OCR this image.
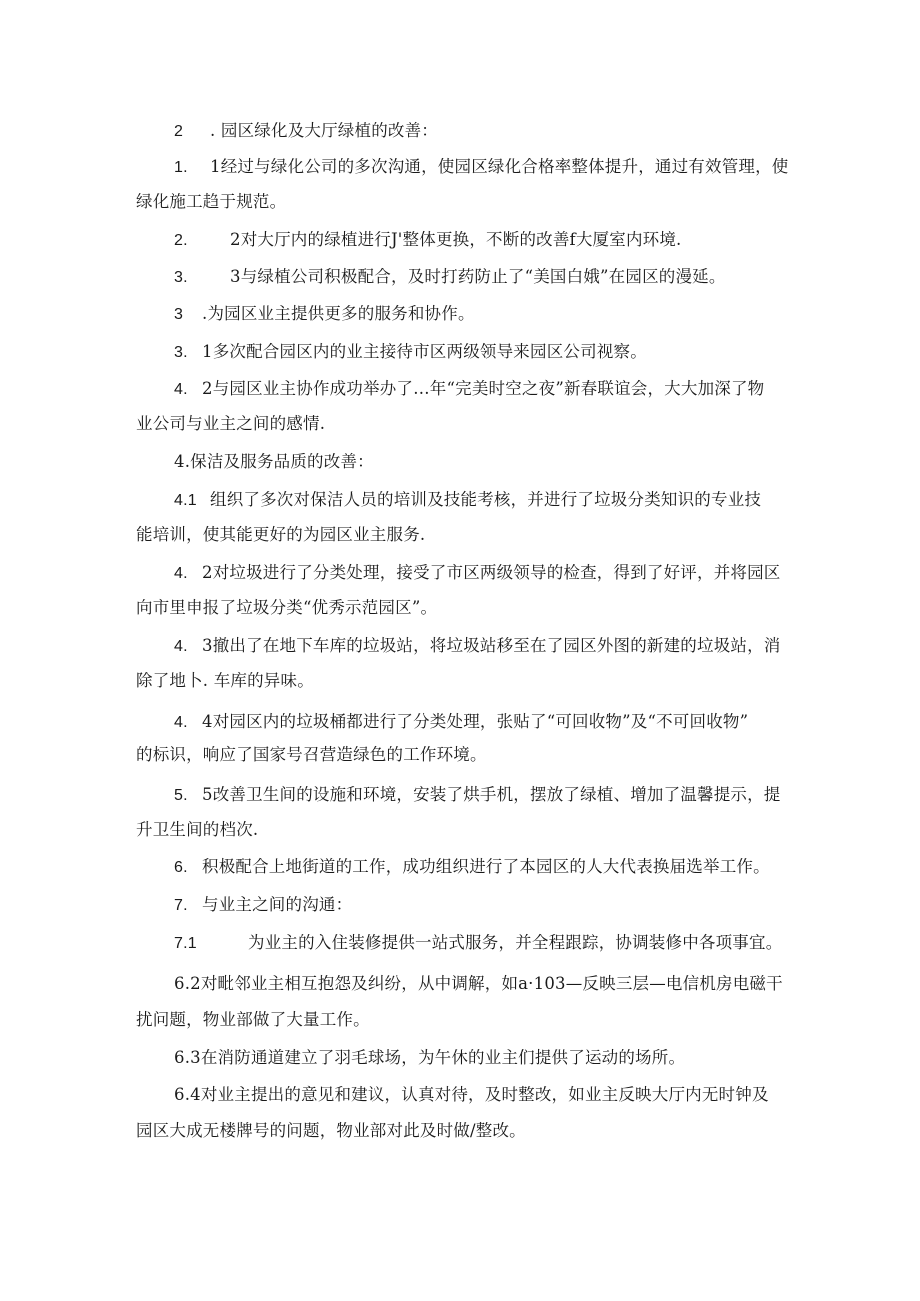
2 . 园区绿化及大厅绿植的改善：
1. 1经过与绿化公司的多次沟通，使园区绿化合格率整体提升，通过有效管理，使
绿化施工趋于规范。
2.	2对大厅内的绿植进行J'整体更换，不断的改善f大厦室内环境.
3.	3与绿植公司积极配合，及时打药防止了“美国白娥”在园区的漫延。
3 .为园区业主提供更多的服务和协作。
3. 1多次配合园区内的业主接待市区两级领导来园区公司视察。
4. 2与园区业主协作成功举办了…年“完美时空之夜”新春联谊会，大大加深了物
业公司与业主之间的感情.
4.保洁及服务品质的改善：
4.1 组织了多次对保洁人员的培训及技能考核，并进行了垃圾分类知识的专业技
能培训，使其能更好的为园区业主服务.
4. 2对垃圾进行了分类处理，接受了市区两级领导的检查，得到了好评，并将园区
向市里申报了垃圾分类“优秀示范园区”。
4. 3撤出了在地下车库的垃圾站，将垃圾站移至在了园区外图的新建的垃圾站，消
除了地卜. 车库的异味。
4. 4对园区内的垃圾桶都进行了分类处理，张贴了“可回收物”及“不可回收物”
的标识，响应了国家号召营造绿色的工作环境。
5. 5改善卫生间的设施和环境，安装了烘手机，摆放了绿植、增加了温馨提示，提
升卫生间的档次.
6. 积极配合上地街道的工作，成功组织进行了本园区的人大代表换届选举工作。
7. 与业主之间的沟通：
7.1	为业主的入住装修提供一站式服务，并全程跟踪，协调装修中各项事宜。
6.2对毗邻业主相互抱怨及纠纷，从中调解，如a·103—反映三层—电信机房电磁干
扰问题，物业部做了大量工作。
6.3在消防通道建立了羽毛球场，为午休的业主们提供了运动的场所。
6.4对业主提出的意见和建议，认真对待，及时整改，如业主反映大厅内无时钟及
园区大成无楼牌号的问题，物业部对此及时做/整改。
